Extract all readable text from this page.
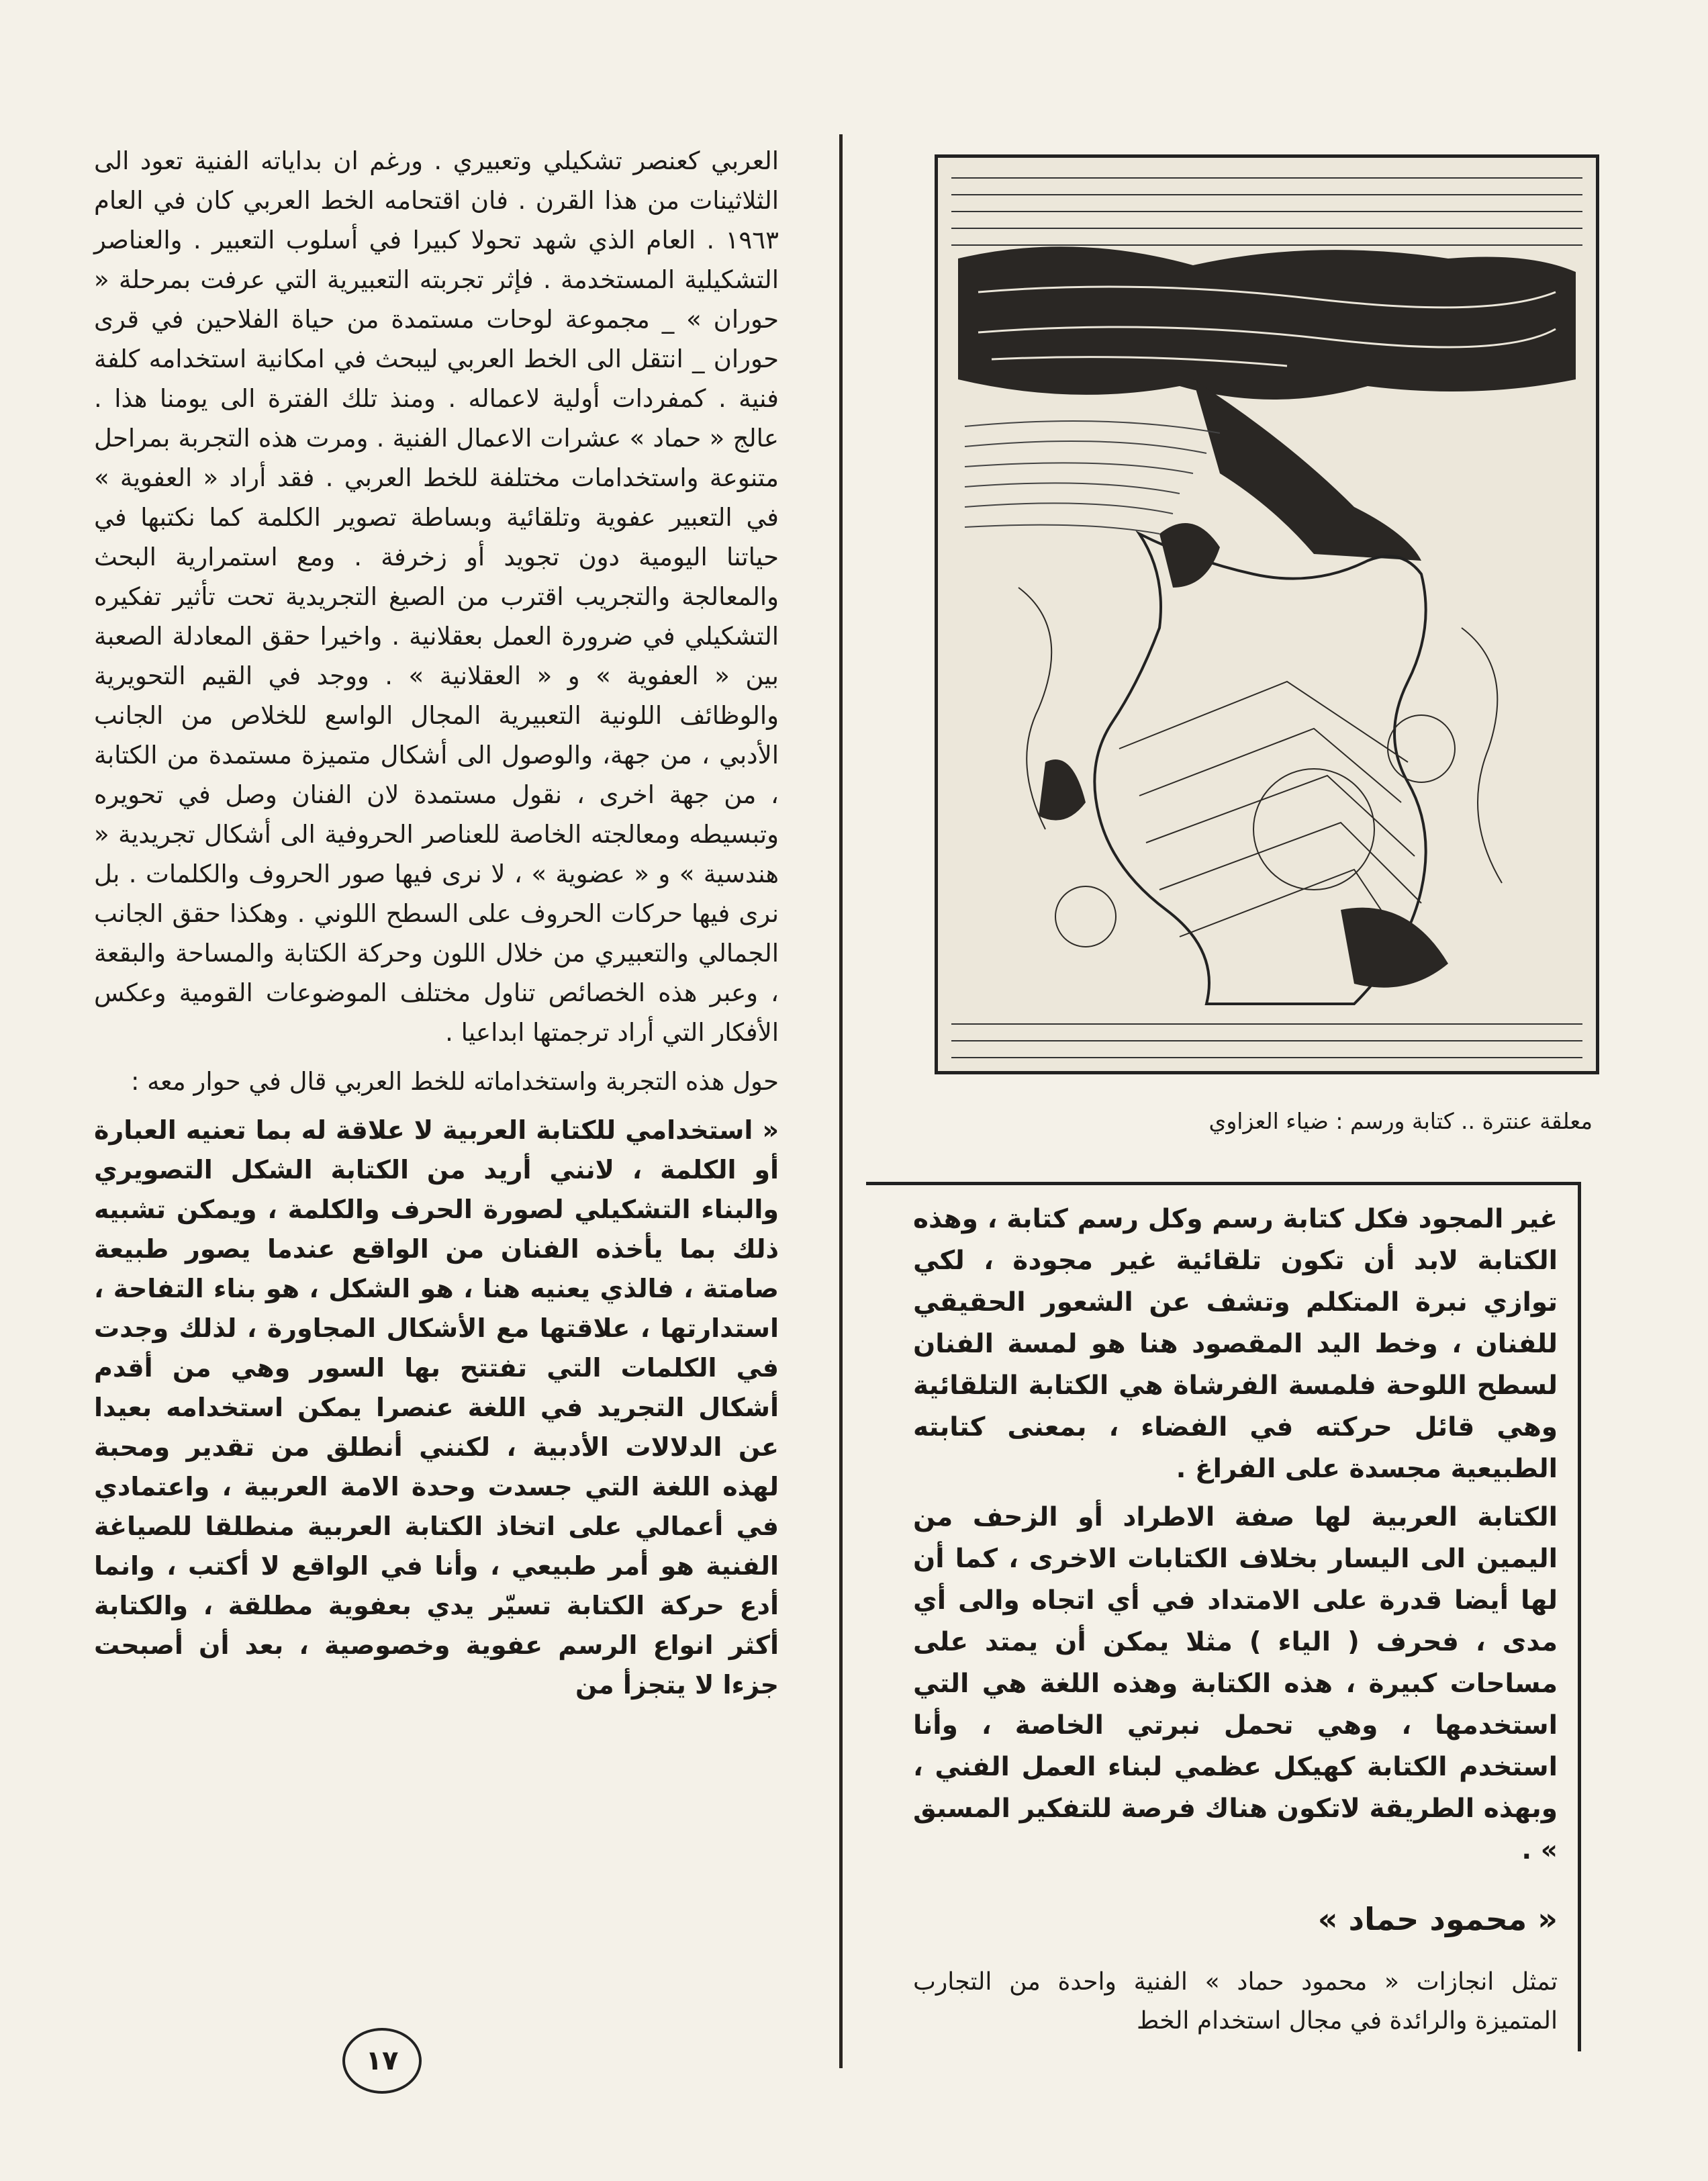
العربي كعنصر تشكيلي وتعبيري . ورغم ان بداياته الفنية تعود الى الثلاثينات من هذا القرن . فان اقتحامه الخط العربي كان في العام ١٩٦٣ . العام الذي شهد تحولا كبيرا في أسلوب التعبير . والعناصر التشكيلية المستخدمة . فإثر تجربته التعبيرية التي عرفت بمرحلة « حوران » _ مجموعة لوحات مستمدة من حياة الفلاحين في قرى حوران _ انتقل الى الخط العربي ليبحث في امكانية استخدامه كلفة فنية . كمفردات أولية لاعماله . ومنذ تلك الفترة الى يومنا هذا . عالج « حماد » عشرات الاعمال الفنية . ومرت هذه التجربة بمراحل متنوعة واستخدامات مختلفة للخط العربي . فقد أراد « العفوية » في التعبير عفوية وتلقائية وبساطة تصوير الكلمة كما نكتبها في حياتنا اليومية دون تجويد أو زخرفة . ومع استمرارية البحث والمعالجة والتجريب اقترب من الصيغ التجريدية تحت تأثير تفكيره التشكيلي في ضرورة العمل بعقلانية . واخيرا حقق المعادلة الصعبة بين « العفوية » و « العقلانية » . ووجد في القيم التحويرية والوظائف اللونية التعبيرية المجال الواسع للخلاص من الجانب الأدبي ، من جهة، والوصول الى أشكال متميزة مستمدة من الكتابة ، من جهة اخرى ، نقول مستمدة لان الفنان وصل في تحويره وتبسيطه ومعالجته الخاصة للعناصر الحروفية الى أشكال تجريدية « هندسية » و « عضوية » ، لا نرى فيها صور الحروف والكلمات . بل نرى فيها حركات الحروف على السطح اللوني . وهكذا حقق الجانب الجمالي والتعبيري من خلال اللون وحركة الكتابة والمساحة والبقعة ، وعبر هذه الخصائص تناول مختلف الموضوعات القومية وعكس الأفكار التي أراد ترجمتها ابداعيا .

حول هذه التجربة واستخداماته للخط العربي قال في حوار معه :

« استخدامي للكتابة العربية لا علاقة له بما تعنيه العبارة أو الكلمة ، لانني أريد من الكتابة الشكل التصويري والبناء التشكيلي لصورة الحرف والكلمة ، ويمكن تشبيه ذلك بما يأخذه الفنان من الواقع عندما يصور طبيعة صامتة ، فالذي يعنيه هنا ، هو الشكل ، هو بناء التفاحة ، استدارتها ، علاقتها مع الأشكال المجاورة ، لذلك وجدت في الكلمات التي تفتتح بها السور وهي من أقدم أشكال التجريد في اللغة عنصرا يمكن استخدامه بعيدا عن الدلالات الأدبية ، لكنني أنطلق من تقدير ومحبة لهذه اللغة التي جسدت وحدة الامة العربية ، واعتمادي في أعمالي على اتخاذ الكتابة العربية منطلقا للصياغة الفنية هو أمر طبيعي ، وأنا في الواقع لا أكتب ، وانما أدع حركة الكتابة تسيّر يدي بعفوية مطلقة ، والكتابة أكثر انواع الرسم عفوية وخصوصية ، بعد أن أصبحت جزءا لا يتجزأ من

معلقة عنترة .. كتابة ورسم : ضياء العزاوي

غير المجود فكل كتابة رسم وكل رسم كتابة ، وهذه الكتابة لابد أن تكون تلقائية غير مجودة ، لكي توازي نبرة المتكلم وتشف عن الشعور الحقيقي للفنان ، وخط اليد المقصود هنا هو لمسة الفنان لسطح اللوحة فلمسة الفرشاة هي الكتابة التلقائية وهي قائل حركته في الفضاء ، بمعنى كتابته الطبيعية مجسدة على الفراغ .

الكتابة العربية لها صفة الاطراد أو الزحف من اليمين الى اليسار بخلاف الكتابات الاخرى ، كما أن لها أيضا قدرة على الامتداد في أي اتجاه والى أي مدى ، فحرف ( الياء ) مثلا يمكن أن يمتد على مساحات كبيرة ، هذه الكتابة وهذه اللغة هي التي استخدمها ، وهي تحمل نبرتي الخاصة ، وأنا استخدم الكتابة كهيكل عظمي لبناء العمل الفني ، وبهذه الطريقة لاتكون هناك فرصة للتفكير المسبق » .

« محمود حماد »

تمثل انجازات « محمود حماد » الفنية واحدة من التجارب المتميزة والرائدة في مجال استخدام الخط

١٧
